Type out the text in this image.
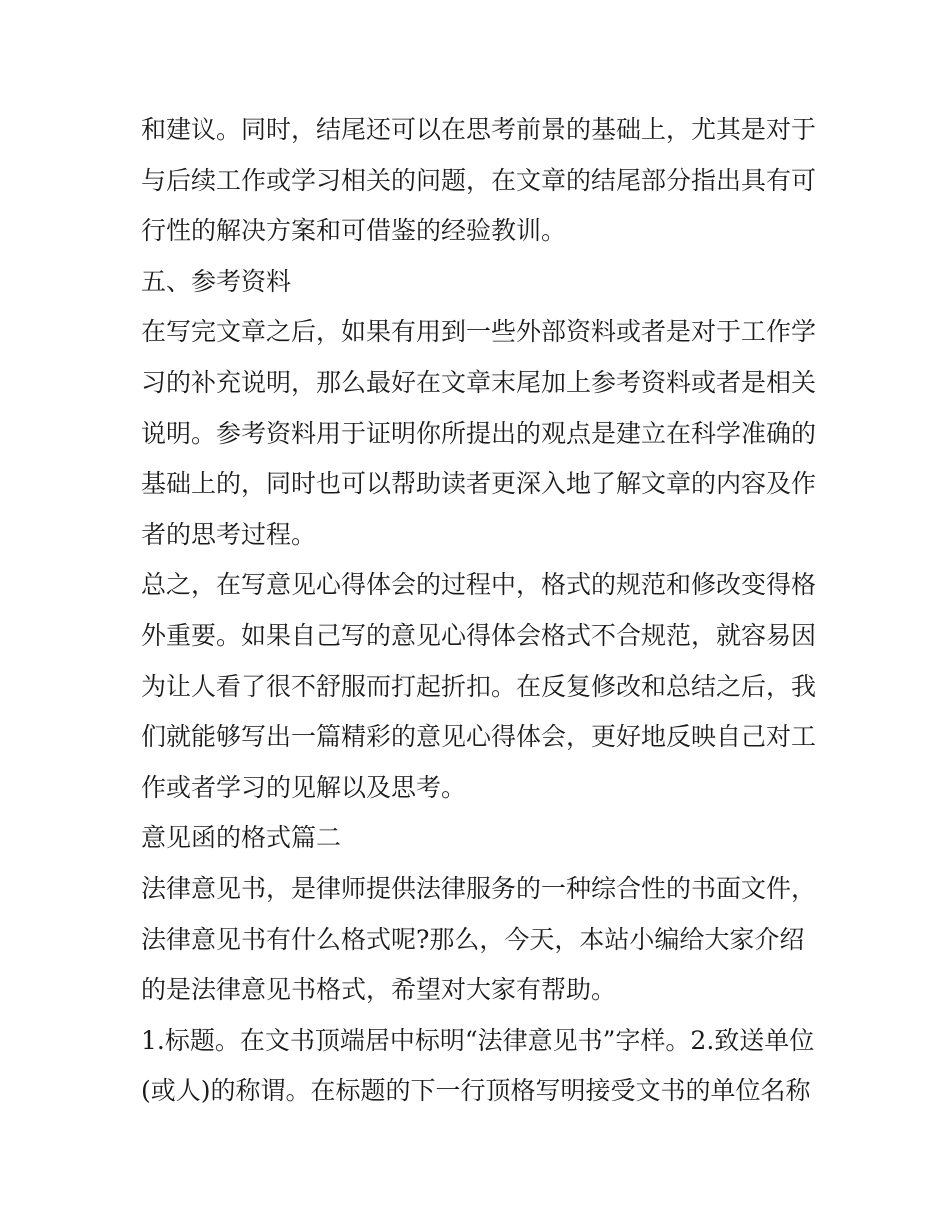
和建议。同时，结尾还可以在思考前景的基础上，尤其是对于
与后续工作或学习相关的问题，在文章的结尾部分指出具有可
行性的解决方案和可借鉴的经验教训。
五、参考资料
在写完文章之后，如果有用到一些外部资料或者是对于工作学
习的补充说明，那么最好在文章末尾加上参考资料或者是相关
说明。参考资料用于证明你所提出的观点是建立在科学准确的
基础上的，同时也可以帮助读者更深入地了解文章的内容及作
者的思考过程。
总之，在写意见心得体会的过程中，格式的规范和修改变得格
外重要。如果自己写的意见心得体会格式不合规范，就容易因
为让人看了很不舒服而打起折扣。在反复修改和总结之后，我
们就能够写出一篇精彩的意见心得体会，更好地反映自己对工
作或者学习的见解以及思考。
意见函的格式篇二
法律意见书，是律师提供法律服务的一种综合性的书面文件，
法律意见书有什么格式呢?那么，今天，本站小编给大家介绍
的是法律意见书格式，希望对大家有帮助。
1.标题。在文书顶端居中标明“法律意见书”字样。2.致送单位
(或人)的称谓。在标题的下一行顶格写明接受文书的单位名称
